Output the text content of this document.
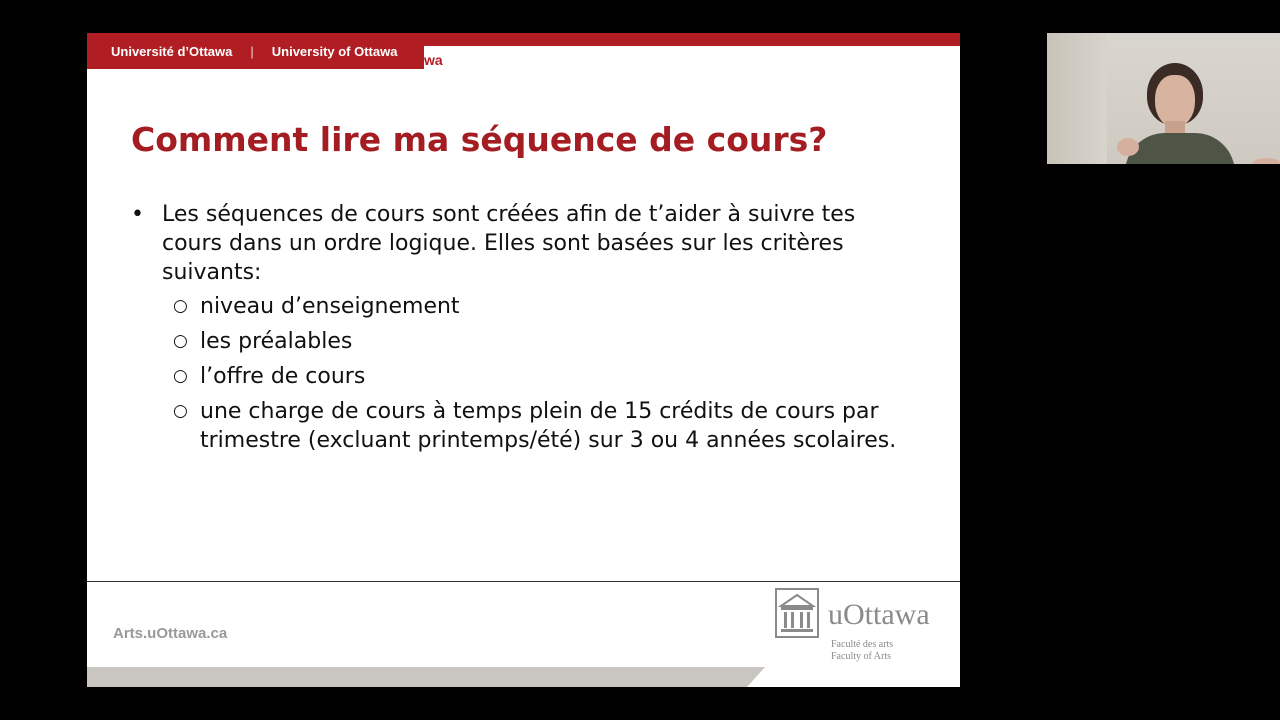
Université d’Ottawa | University of Ottawa
wa
Comment lire ma séquence de cours?
• Les séquences de cours sont créées afin de t’aider à suivre tes cours dans un ordre logique. Elles sont basées sur les critères suivants:
○ niveau d’enseignement
○ les préalables
○ l’offre de cours
○ une charge de cours à temps plein de 15 crédits de cours par trimestre (excluant printemps/été) sur 3 ou 4 années scolaires.
Arts.uOttawa.ca
uOttawa
Faculté des arts
Faculty of Arts
